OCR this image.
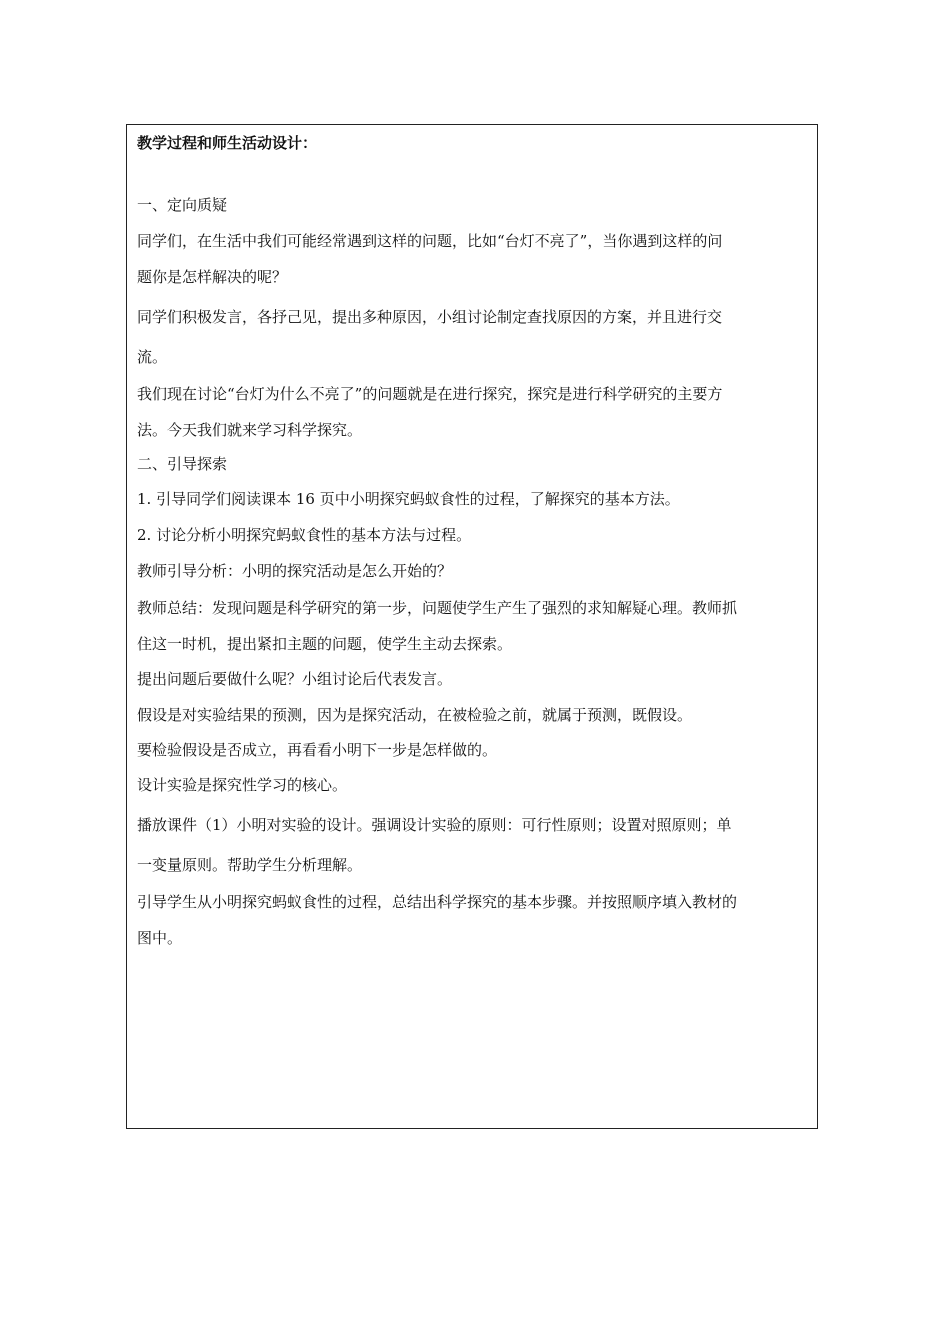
教学过程和师生活动设计：

一、定向质疑

同学们，在生活中我们可能经常遇到这样的问题，比如“台灯不亮了”，当你遇到这样的问

题你是怎样解决的呢？

同学们积极发言，各抒己见，提出多种原因，小组讨论制定查找原因的方案，并且进行交

流。

我们现在讨论“台灯为什么不亮了”的问题就是在进行探究，探究是进行科学研究的主要方

法。今天我们就来学习科学探究。

二、引导探索

1. 引导同学们阅读课本 16 页中小明探究蚂蚁食性的过程，了解探究的基本方法。

2. 讨论分析小明探究蚂蚁食性的基本方法与过程。

教师引导分析：小明的探究活动是怎么开始的？

教师总结：发现问题是科学研究的第一步，问题使学生产生了强烈的求知解疑心理。教师抓

住这一时机，提出紧扣主题的问题，使学生主动去探索。

提出问题后要做什么呢？小组讨论后代表发言。

假设是对实验结果的预测，因为是探究活动，在被检验之前，就属于预测，既假设。

要检验假设是否成立，再看看小明下一步是怎样做的。

设计实验是探究性学习的核心。

播放课件（1）小明对实验的设计。强调设计实验的原则：可行性原则；设置对照原则；单

一变量原则。帮助学生分析理解。

引导学生从小明探究蚂蚁食性的过程，总结出科学探究的基本步骤。并按照顺序填入教材的

图中。
